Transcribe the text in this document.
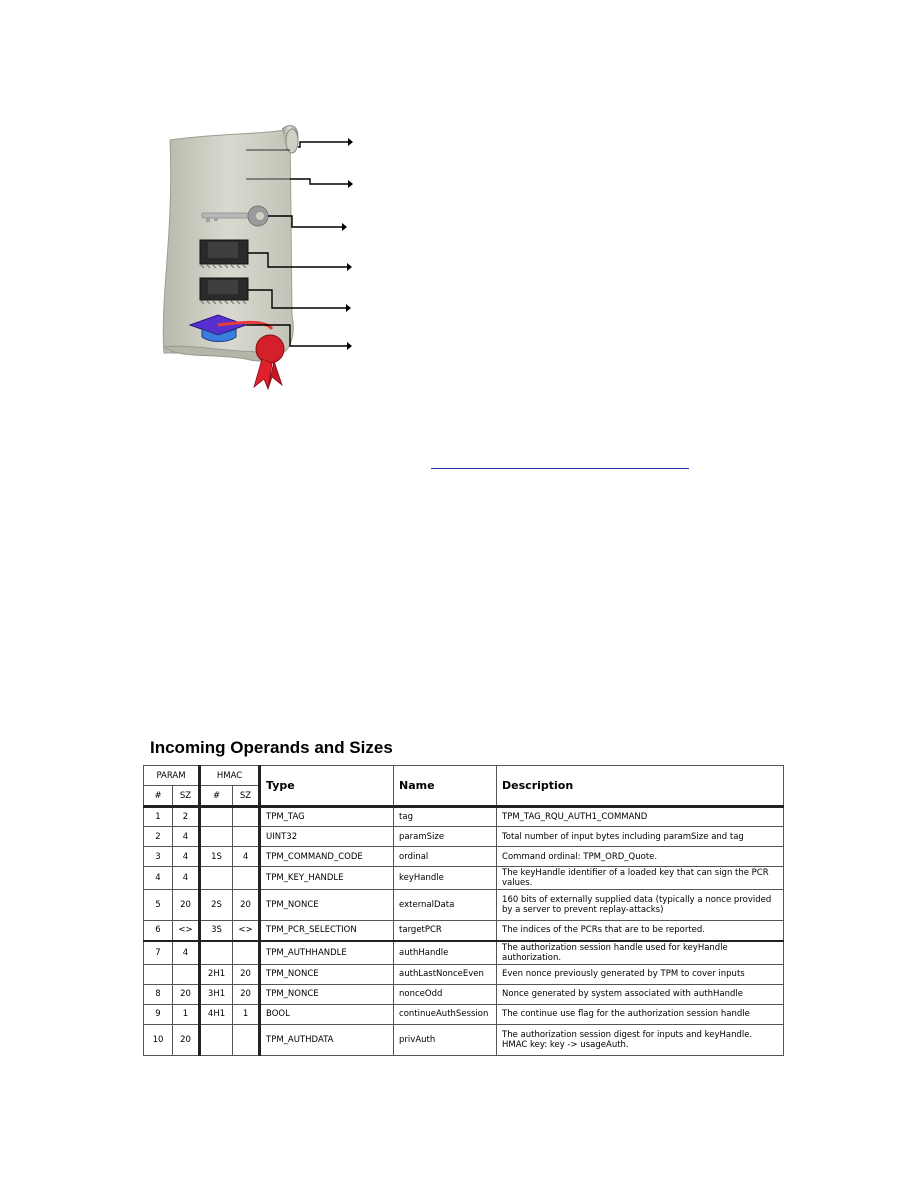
Incoming Operands and Sizes
PARAM		HMAC		Type	Name	Description
#	SZ	#	SZ			
1	2			TPM_TAG	tag	TPM_TAG_RQU_AUTH1_COMMAND
2	4			UINT32	paramSize	Total number of input bytes including paramSize and tag
3	4	1S	4	TPM_COMMAND_CODE	ordinal	Command ordinal: TPM_ORD_Quote.
4	4			TPM_KEY_HANDLE	keyHandle	The keyHandle identifier of a loaded key that can sign the PCR values.
5	20	2S	20	TPM_NONCE	externalData	160 bits of externally supplied data (typically a nonce provided by a server to prevent replay-attacks)
6	<>	3S	<>	TPM_PCR_SELECTION	targetPCR	The indices of the PCRs that are to be reported.
7	4			TPM_AUTHHANDLE	authHandle	The authorization session handle used for keyHandle authorization.
		2H1	20	TPM_NONCE	authLastNonceEven	Even nonce previously generated by TPM to cover inputs
8	20	3H1	20	TPM_NONCE	nonceOdd	Nonce generated by system associated with authHandle
9	1	4H1	1	BOOL	continueAuthSession	The continue use flag for the authorization session handle
10	20			TPM_AUTHDATA	privAuth	The authorization session digest for inputs and keyHandle. HMAC key: key -> usageAuth.
